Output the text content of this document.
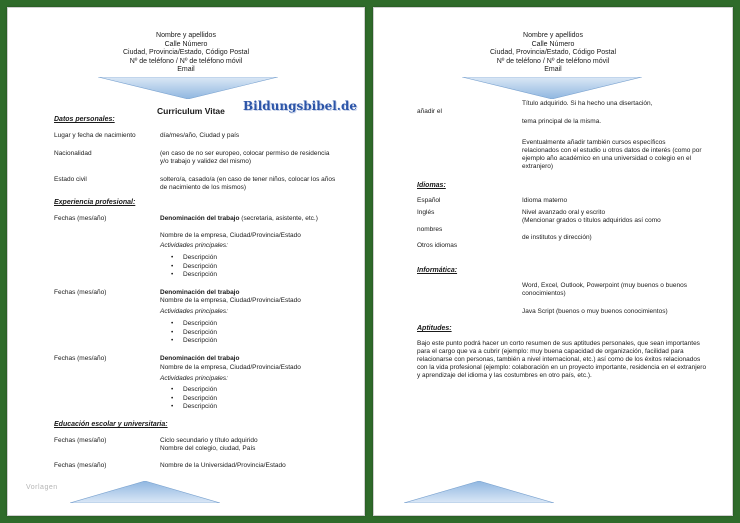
Nombre y apellidos
Calle Número
Ciudad, Provincia/Estado, Código Postal
Nº de teléfono / Nº de teléfono móvil
Email
Bildungsbibel.de
Curriculum Vitae
Datos personales:
Lugar y fecha de nacimiento	día/mes/año, Ciudad y país
Nacionalidad	(en caso de no ser europeo, colocar permiso de residencia y/o trabajo y validez del mismo)
Estado civil	soltero/a, casado/a (en caso de tener niños, colocar los años de nacimiento de los mismos)
Experiencia profesional:
Fechas (mes/año)	Denominación del trabajo (secretaria, asistente, etc.)
Nombre de la empresa, Ciudad/Provincia/Estado
Actividades principales:
• Descripción
• Descripción
• Descripción
Fechas (mes/año)	Denominación del trabajo
Nombre de la empresa, Ciudad/Provincia/Estado
Actividades principales:
• Descripción
• Descripción
• Descripción
Fechas (mes/año)	Denominación del trabajo
Nombre de la empresa, Ciudad/Provincia/Estado
Actividades principales:
• Descripción
• Descripción
• Descripción
Educación escolar y universitaria:
Fechas (mes/año)	Ciclo secundario y título adquirido
Nombre del colegio, ciudad, País
Fechas (mes/año)	Nombre de la Universidad/Provincia/Estado
Vorlagen
Nombre y apellidos
Calle Número
Ciudad, Provincia/Estado, Código Postal
Nº de teléfono / Nº de teléfono móvil
Email
Título adquirido. Si ha hecho una disertación,
añadir el
tema principal de la misma.
Eventualmente añadir también cursos específicos relacionados con el estudio u otros datos de interés (como por ejemplo año académico en una universidad o colegio en el extranjero)
Idiomas:
Español	Idioma materno
Inglés	Nivel avanzado oral y escrito
(Mencionar grados o títulos adquiridos así como
nombres
de institutos y dirección)
Otros idiomas
Informática:
Word, Excel, Outlook, Powerpoint (muy buenos o buenos conocimientos)
Java Script (buenos o muy buenos conocimientos)
Aptitudes:
Bajo este punto podrá hacer un corto resumen de sus aptitudes personales, que sean importantes para el cargo que va a cubrir (ejemplo: muy buena capacidad de organización, facilidad para relacionarse con personas, también a nivel internacional, etc.) así como de los éxitos relacionados con la vida profesional (ejemplo: colaboración en un proyecto importante, residencia en el extranjero y aprendizaje del idioma y las costumbres en otro país, etc.).
